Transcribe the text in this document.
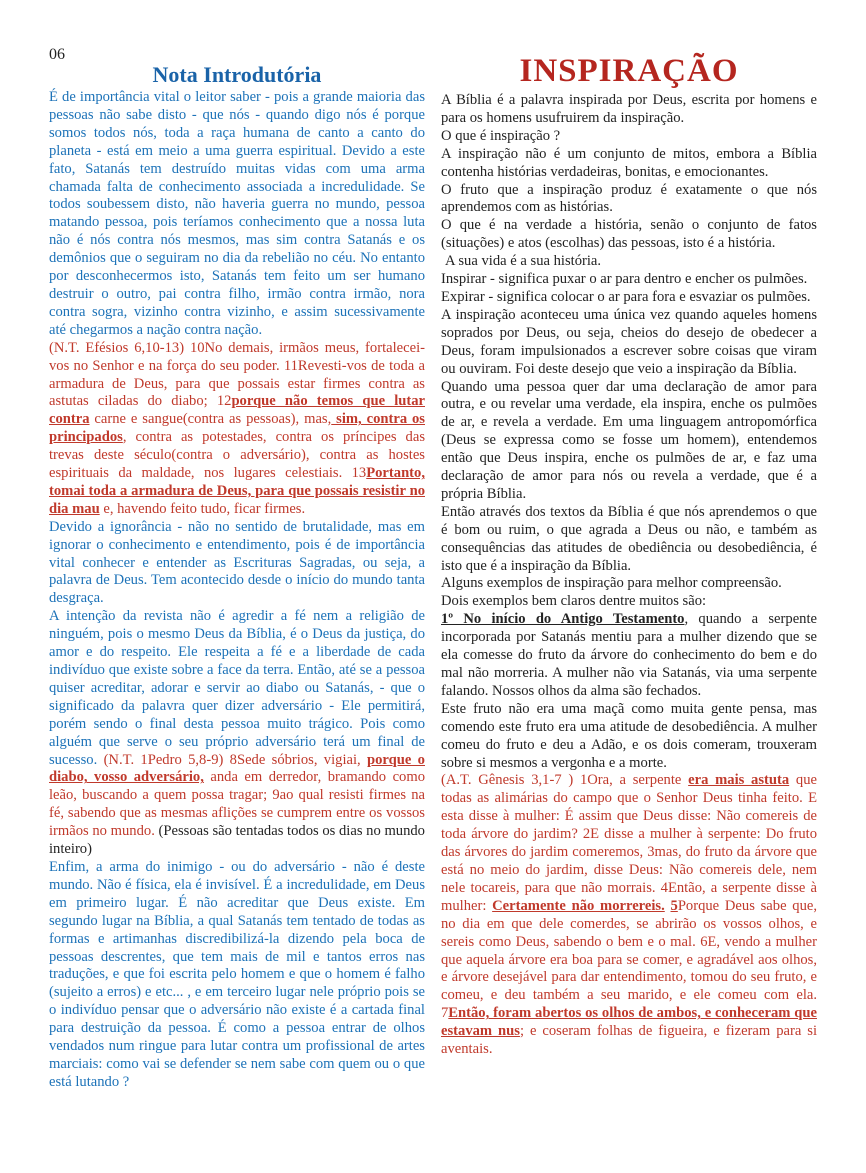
06
Nota Introdutória

É de importância vital o leitor saber - pois a grande maioria das pessoas não sabe disto - que nós - quando digo nós é porque somos todos nós, toda a raça humana de canto a canto do planeta - está em meio a uma guerra espiritual. Devido a este fato, Satanás tem destruído muitas vidas com uma arma chamada falta de conhecimento associada a incredulidade. Se todos soubessem disto, não haveria guerra no mundo, pessoa matando pessoa, pois teríamos conhecimento que a nossa luta não é nós contra nós mesmos, mas sim contra Satanás e os demônios que o seguiram no dia da rebelião no céu. No entanto por desconhecermos isto, Satanás tem feito um ser humano destruir o outro, pai contra filho, irmão contra irmão, nora contra sogra, vizinho contra vizinho, e assim sucessivamente até chegarmos a nação contra nação.

(N.T. Efésios 6,10-13) 10No demais, irmãos meus, fortalecei-vos no Senhor e na força do seu poder. 11Revesti-vos de toda a armadura de Deus, para que possais estar firmes contra as astutas ciladas do diabo; 12porque não temos que lutar contra carne e sangue(contra as pessoas), mas, sim, contra os principados, contra as potestades, contra os príncipes das trevas deste século(contra o adversário), contra as hostes espirituais da maldade, nos lugares celestiais. 13Portanto, tomai toda a armadura de Deus, para que possais resistir no dia mau e, havendo feito tudo, ficar firmes.

Devido a ignorância - não no sentido de brutalidade, mas em ignorar o conhecimento e entendimento, pois é de importância vital conhecer e entender as Escrituras Sagradas, ou seja, a palavra de Deus. Tem acontecido desde o início do mundo tanta desgraça.

A intenção da revista não é agredir a fé nem a religião de ninguém, pois o mesmo Deus da Bíblia, é o Deus da justiça, do amor e do respeito. Ele respeita a fé e a liberdade de cada indivíduo que existe sobre a face da terra. Então, até se a pessoa quiser acreditar, adorar e servir ao diabo ou Satanás, - que o significado da palavra quer dizer adversário - Ele permitirá, porém sendo o final desta pessoa muito trágico. Pois como alguém que serve o seu próprio adversário terá um final de sucesso. (N.T. 1Pedro 5,8-9) 8Sede sóbrios, vigiai, porque o diabo, vosso adversário, anda em derredor, bramando como leão, buscando a quem possa tragar; 9ao qual resisti firmes na fé, sabendo que as mesmas aflições se cumprem entre os vossos irmãos no mundo. (Pessoas são tentadas todos os dias no mundo inteiro)

Enfim, a arma do inimigo - ou do adversário - não é deste mundo. Não é física, ela é invisível. É a incredulidade, em Deus em primeiro lugar. É não acreditar que Deus existe. Em segundo lugar na Bíblia, a qual Satanás tem tentado de todas as formas e artimanhas discredibilizá-la dizendo pela boca de pessoas descrentes, que tem mais de mil e tantos erros nas traduções, e que foi escrita pelo homem e que o homem é falho (sujeito a erros) e etc... , e em terceiro lugar nele próprio pois se o indivíduo pensar que o adversário não existe é a cartada final para destruição da pessoa. É como a pessoa entrar de olhos vendados num ringue para lutar contra um profissional de artes marciais: como vai se defender se nem sabe com quem ou o que está lutando ?

INSPIRAÇÃO

A Bíblia é a palavra inspirada por Deus, escrita por homens e para os homens usufruirem da inspiração.

O que é inspiração ?

A inspiração não é um conjunto de mitos, embora a Bíblia contenha histórias verdadeiras, bonitas, e emocionantes.

O fruto que a inspiração produz é exatamente o que nós aprendemos com as histórias.

O que é na verdade a história, senão o conjunto de fatos (situações) e atos (escolhas) das pessoas, isto é a história.

A sua vida é a sua história.

Inspirar - significa puxar o ar para dentro e encher os pulmões.

Expirar - significa colocar o ar para fora e esvaziar os pulmões.

A inspiração aconteceu uma única vez quando aqueles homens soprados por Deus, ou seja, cheios do desejo de obedecer a Deus, foram impulsionados a escrever sobre coisas que viram ou ouviram. Foi deste desejo que veio a inspiração da Bíblia.

Quando uma pessoa quer dar uma declaração de amor para outra, e ou revelar uma verdade, ela inspira, enche os pulmões de ar, e revela a verdade. Em uma linguagem antropomórfica (Deus se expressa como se fosse um homem), entendemos então que Deus inspira, enche os pulmões de ar, e faz uma declaração de amor para nós ou revela a verdade, que é a própria Bíblia.

Então através dos textos da Bíblia é que nós aprendemos o que é bom ou ruim, o que agrada a Deus ou não, e também as consequências das atitudes de obediência ou desobediência, é isto que é a inspiração da Bíblia.

Alguns exemplos de inspiração para melhor compreensão.

Dois exemplos bem claros dentre muitos são:

1º No início do Antigo Testamento, quando a serpente incorporada por Satanás mentiu para a mulher dizendo que se ela comesse do fruto da árvore do conhecimento do bem e do mal não morreria. A mulher não via Satanás, via uma serpente falando. Nossos olhos da alma são fechados.

Este fruto não era uma maçã como muita gente pensa, mas comendo este fruto era uma atitude de desobediência. A mulher comeu do fruto e deu a Adão, e os dois comeram, trouxeram sobre si mesmos a vergonha e a morte.

(A.T. Gênesis 3,1-7 ) 1Ora, a serpente era mais astuta que todas as alimárias do campo que o Senhor Deus tinha feito. E esta disse à mulher: É assim que Deus disse: Não comereis de toda árvore do jardim? 2E disse a mulher à serpente: Do fruto das árvores do jardim comeremos, 3mas, do fruto da árvore que está no meio do jardim, disse Deus: Não comereis dele, nem nele tocareis, para que não morrais. 4Então, a serpente disse à mulher: Certamente não morrereis. 5Porque Deus sabe que, no dia em que dele comerdes, se abrirão os vossos olhos, e sereis como Deus, sabendo o bem e o mal. 6E, vendo a mulher que aquela árvore era boa para se comer, e agradável aos olhos, e árvore desejável para dar entendimento, tomou do seu fruto, e comeu, e deu também a seu marido, e ele comeu com ela. 7Então, foram abertos os olhos de ambos, e conheceram que estavam nus; e coseram folhas de figueira, e fizeram para si aventais.
